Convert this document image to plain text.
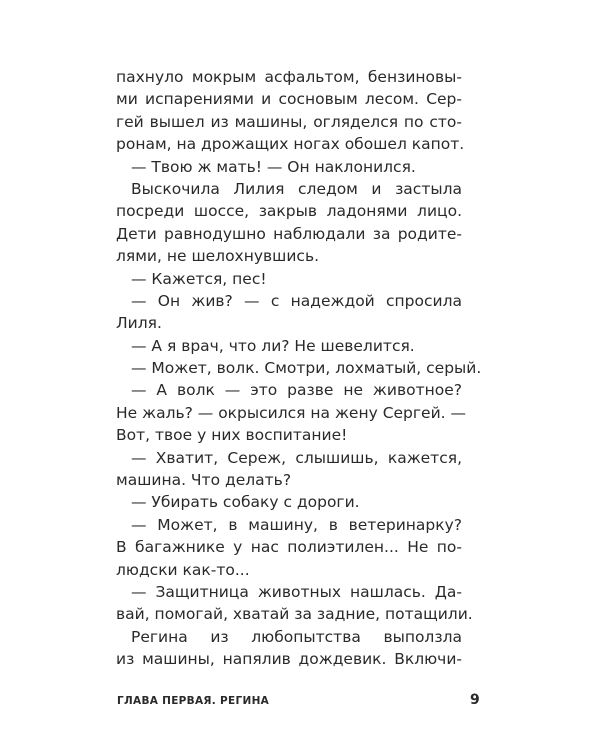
пахнуло мокрым асфальтом, бензиновы-
ми испарениями и сосновым лесом. Сер-
гей вышел из машины, огляделся по сто-
ронам, на дрожащих ногах обошел капот.
— Твою ж мать! — Он наклонился.
Выскочила Лилия следом и застыла
посреди шоссе, закрыв ладонями лицо.
Дети равнодушно наблюдали за родите-
лями, не шелохнувшись.
— Кажется, пес!
— Он жив? — с надеждой спросила
Лиля.
— А я врач, что ли? Не шевелится.
— Может, волк. Смотри, лохматый, серый.
— А волк — это разве не животное?
Не жаль? — окрысился на жену Сергей. —
Вот, твое у них воспитание!
— Хватит, Сереж, слышишь, кажется,
машина. Что делать?
— Убирать собаку с дороги.
— Может, в машину, в ветеринарку?
В багажнике у нас полиэтилен... Не по-
людски как-то...
— Защитница животных нашлась. Да-
вай, помогай, хватай за задние, потащили.
Регина из любопытства выползла
из машины, напялив дождевик. Включи-
ГЛАВА ПЕРВАЯ. РЕГИНА	9
